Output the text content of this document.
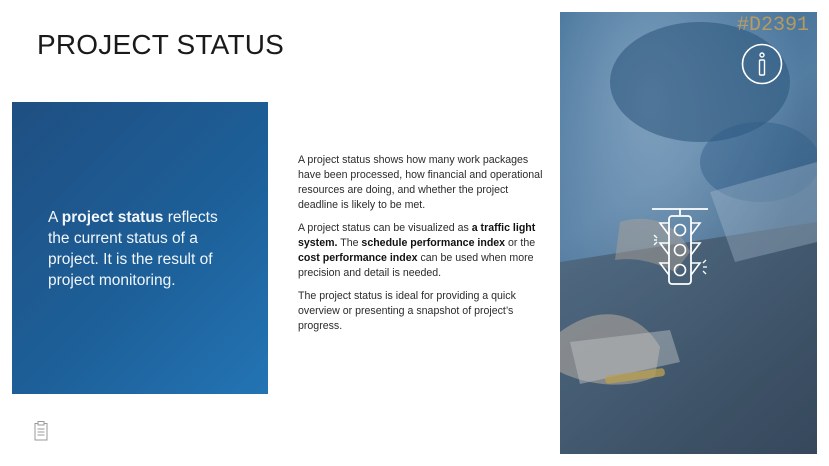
PROJECT STATUS
A project status reflects the current status of a project. It is the result of project monitoring.

A project status shows how many work packages have been processed, how financial and operational resources are doing, and whether the project deadline is likely to be met.

A project status can be visualized as a traffic light system. The schedule performance index or the cost performance index can be used when more precision and detail is needed.

The project status is ideal for providing a quick overview or presenting a snapshot of project’s progress.

#D2391
